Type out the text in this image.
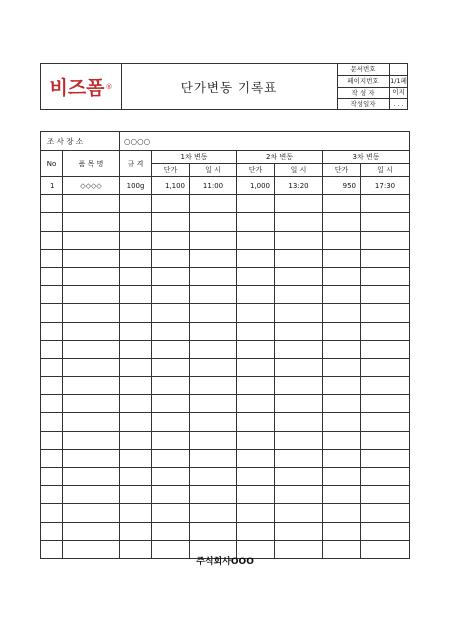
비즈폼 ®	단가변동 기록표
문서번호
페이지번호	1/1페이지
작 성 자
작성일자	. . .
조 사 장 소		○○○○						
No	품 목 명	규 격	1차 변동		2차 변동		3차 변동	
			단가	일 시	단가	일 시	단가	일 시
1	◇◇◇◇	100g	1,100	11:00	1,000	13:20	950	17:30

주식회사OOO
